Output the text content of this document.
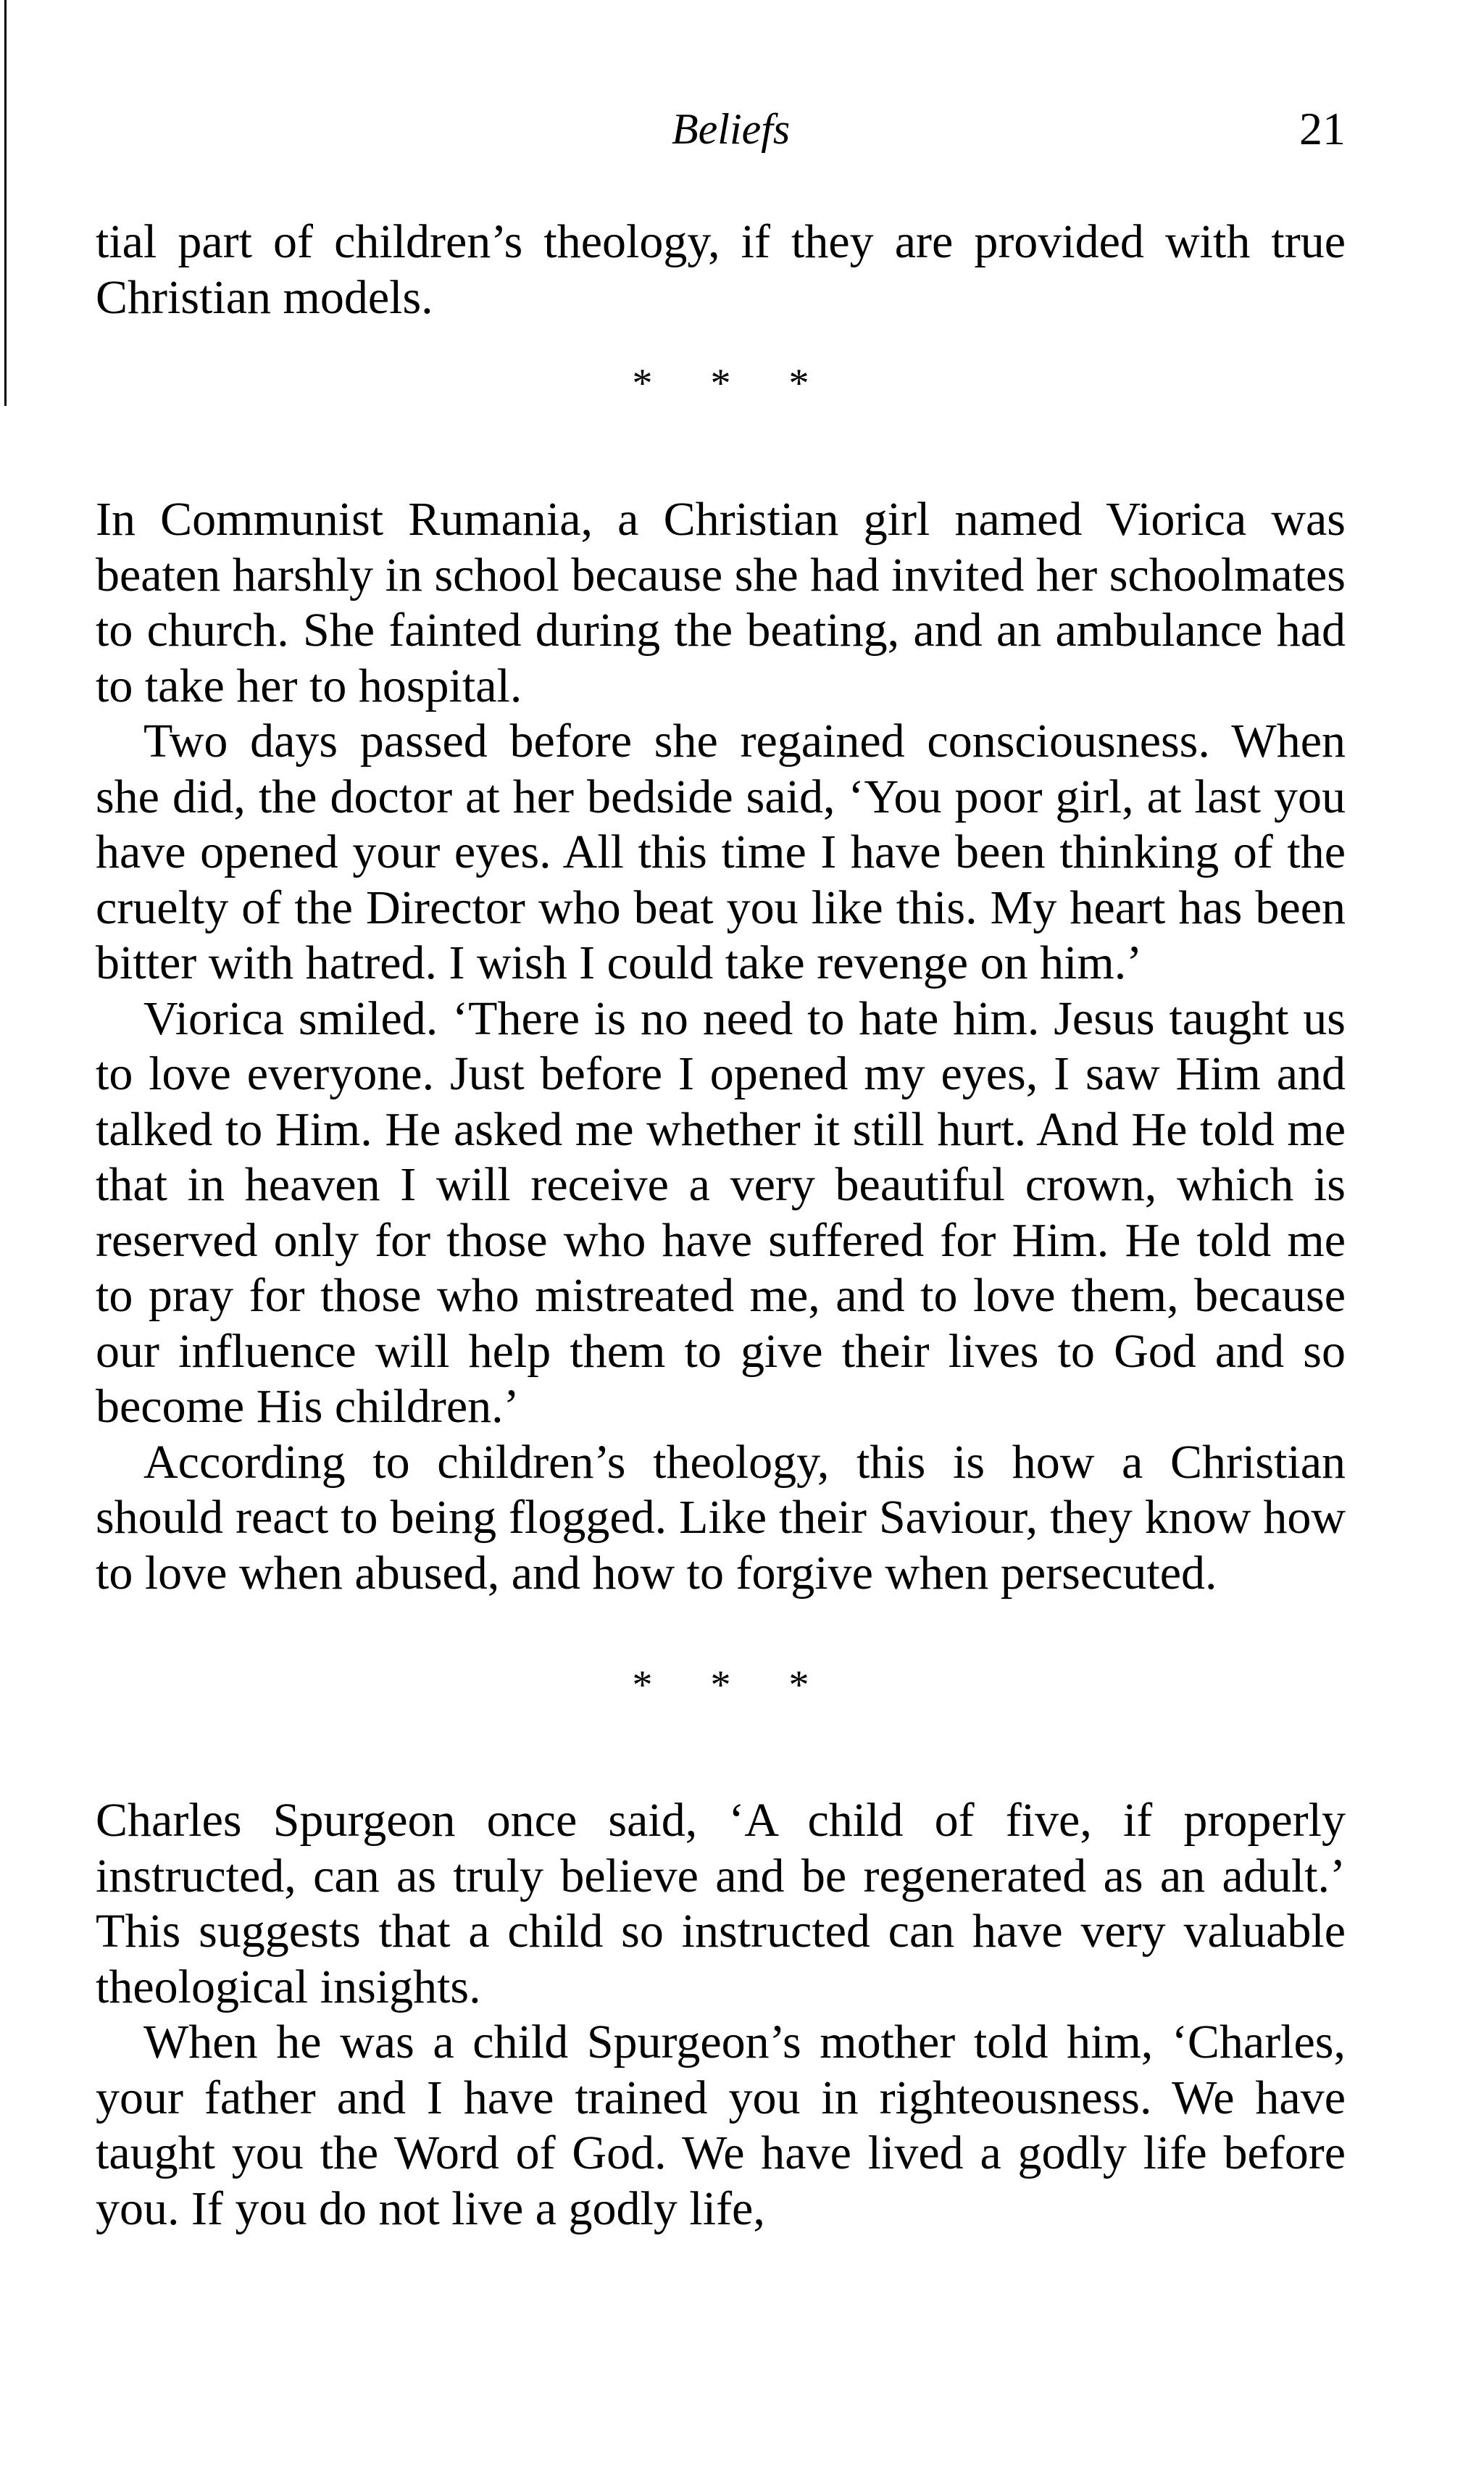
Beliefs	21

tial part of children’s theology, if they are provided with true Christian models.

* * *

In Communist Rumania, a Christian girl named Viorica was beaten harshly in school because she had invited her schoolmates to church. She fainted during the beating, and an ambulance had to take her to hospital.

Two days passed before she regained consciousness. When she did, the doctor at her bedside said, ‘You poor girl, at last you have opened your eyes. All this time I have been thinking of the cruelty of the Director who beat you like this. My heart has been bitter with hatred. I wish I could take revenge on him.’

Viorica smiled. ‘There is no need to hate him. Jesus taught us to love everyone. Just before I opened my eyes, I saw Him and talked to Him. He asked me whether it still hurt. And He told me that in heaven I will receive a very beautiful crown, which is reserved only for those who have suffered for Him. He told me to pray for those who mistreated me, and to love them, because our influence will help them to give their lives to God and so become His children.’

According to children’s theology, this is how a Christian should react to being flogged. Like their Saviour, they know how to love when abused, and how to forgive when persecuted.

* * *

Charles Spurgeon once said, ‘A child of five, if properly instructed, can as truly believe and be regenerated as an adult.’ This suggests that a child so instructed can have very valuable theological insights.

When he was a child Spurgeon’s mother told him, ‘Charles, your father and I have trained you in righteousness. We have taught you the Word of God. We have lived a godly life before you. If you do not live a godly life,
